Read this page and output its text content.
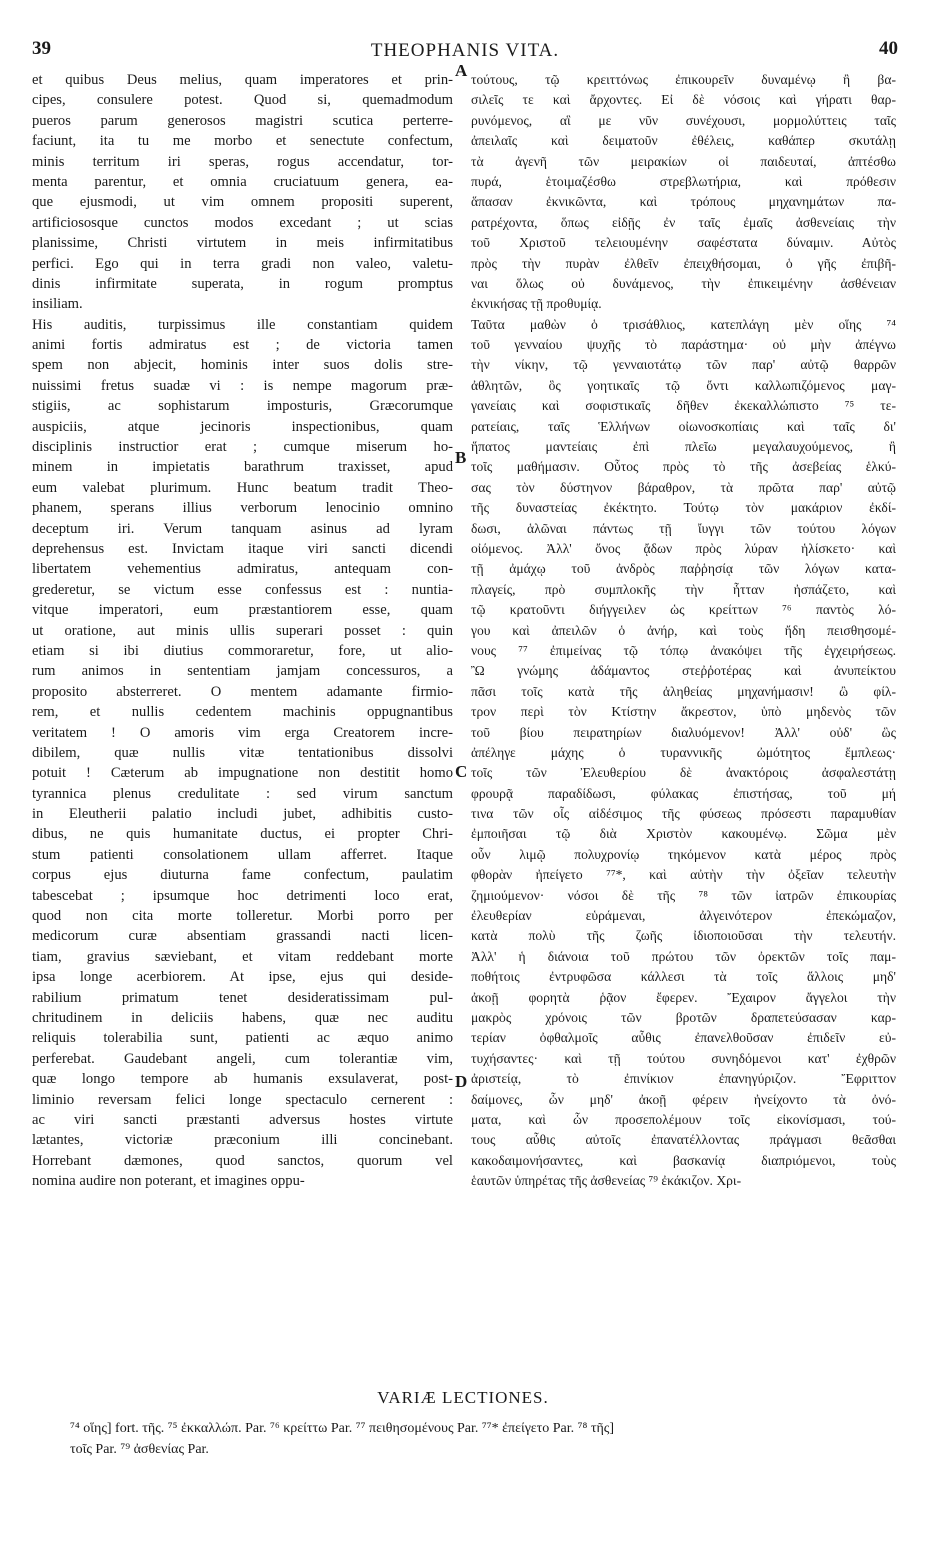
39	THEOPHANIS VITA.	40
et quibus Deus melius, quam imperatores et prin-
cipes, consulere potest. Quod si, quemadmodum
pueros parum generosos magistri scutica perterre-
faciunt, ita tu me morbo et senectute confectum,
minis territum iri speras, rogus accendatur, tor-
menta parentur, et omnia cruciatuum genera, ea-
que ejusmodi, ut vim omnem propositi superent,
artificiososque cunctos modos excedant ; ut scias
planissime, Christi virtutem in meis infirmitatibus
perfici. Ego qui in terra gradi non valeo, valetu-
dinis infirmitate superata, in rogum promptus
insiliam.
His auditis, turpissimus ille constantiam quidem
animi fortis admiratus est ; de victoria tamen
spem non abjecit, hominis inter suos dolis stre-
nuissimi fretus suadæ vi : is nempe magorum præ-
stigiis, ac sophistarum imposturis, Græcorumque
auspiciis, atque jecinoris inspectionibus, quam
disciplinis instructior erat ; cumque miserum ho-
minem in impietatis barathrum traxisset, apud
eum valebat plurimum. Hunc beatum tradit Theo-
phanem, sperans illius verborum lenocinio omnino
deceptum iri. Verum tanquam asinus ad lyram
deprehensus est. Invictam itaque viri sancti dicendi
libertatem vehementius admiratus, antequam con-
grederetur, se victum esse confessus est : nuntia-
vitque imperatori, eum præstantiorem esse, quam
ut oratione, aut minis ullis superari posset : quin
etiam si ibi diutius commoraretur, fore, ut alio-
rum animos in sententiam jamjam concessuros, a
proposito absterreret. O mentem adamante firmio-
rem, et nullis cedentem machinis oppugnantibus
veritatem ! O amoris vim erga Creatorem incre-
dibilem, quæ nullis vitæ tentationibus dissolvi
potuit ! Cæterum ab impugnatione non destitit homo
tyrannica plenus credulitate : sed virum sanctum
in Eleutherii palatio includi jubet, adhibitis custo-
dibus, ne quis humanitate ductus, ei propter Chri-
stum patienti consolationem ullam afferret. Itaque
corpus ejus diuturna fame confectum, paulatim
tabescebat ; ipsumque hoc detrimenti loco erat,
quod non cita morte tolleretur. Morbi porro per
medicorum curæ absentiam grassandi nacti licen-
tiam, gravius sæviebant, et vitam reddebant morte
ipsa longe acerbiorem. At ipse, ejus qui deside-
rabilium primatum tenet desideratissimam pul-
chritudinem in deliciis habens, quæ nec auditu
reliquis tolerabilia sunt, patienti ac æquo animo
perferebat. Gaudebant angeli, cum tolerantiæ vim,
quæ longo tempore ab humanis exsulaverat, post-
liminio reversam felici longe spectaculo cernerent :
ac viri sancti præstanti adversus hostes virtute
lætantes, victoriæ præconium illi concinebant.
Horrebant dæmones, quod sanctos, quorum vel
nomina audire non poterant, et imagines oppu-
τούτους, τῷ κρειττόνως ἐπικουρεῖν δυναμένῳ ἢ βα-
σιλεῖς τε καὶ ἄρχοντες. Εἰ δὲ νόσοις καὶ γήρατι θαρ-
ρυνόμενος, αἳ με νῦν συνέχουσι, μορμολύττεις ταῖς
ἀπειλαῖς καὶ δειματοῦν ἐθέλεις, καθάπερ σκυτάλῃ
τὰ ἀγενῆ τῶν μειρακίων οἱ παιδευταί, ἀπτέσθω
πυρά, ἑτοιμαζέσθω στρεβλωτήρια, καὶ πρόθεσιν
ἅπασαν ἐκνικῶντα, καὶ τρόπους μηχανημάτων πα-
ρατρέχοντα, ὅπως εἰδῇς ἐν ταῖς ἐμαῖς ἀσθενείαις τὴν
τοῦ Χριστοῦ τελειουμένην σαφέστατα δύναμιν. Αὐτὸς
πρὸς τὴν πυρὰν ἐλθεῖν ἐπειχθήσομαι, ὁ γῆς ἐπιβῆ-
ναι ὅλως οὐ δυνάμενος, τὴν ἐπικειμένην ἀσθένειαν
ἐκνικήσας τῇ προθυμίᾳ.
Ταῦτα μαθὼν ὁ τρισάθλιος, κατεπλάγη μὲν οἵης ⁷⁴
τοῦ γενναίου ψυχῆς τὸ παράστημα· οὐ μὴν ἀπέγνω
τὴν νίκην, τῷ γενναιοτάτῳ τῶν παρ' αὐτῷ θαρρῶν
ἀθλητῶν, ὃς γοητικαῖς τῷ ὄντι καλλωπιζόμενος μαγ-
γανείαις καὶ σοφιστικαῖς δῆθεν ἐκεκαλλώπιστο ⁷⁵ τε-
ρατείαις, ταῖς Ἑλλήνων οἰωνοσκοπίαις καὶ ταῖς δι'
ἥπατος μαντείαις ἐπὶ πλεῖω μεγαλαυχούμενος, ἢ
τοῖς μαθήμασιν. Οὗτος πρὸς τὸ τῆς ἀσεβείας ἑλκύ-
σας τὸν δύστηνον βάραθρον, τὰ πρῶτα παρ' αὐτῷ
τῆς δυναστείας ἐκέκτητο. Τούτῳ τὸν μακάριον ἐκδί-
δωσι, ἁλῶναι πάντως τῇ ἴυγγι τῶν τούτου λόγων
οἰόμενος. Ἀλλ' ὄνος ᾄδων πρὸς λύραν ἡλίσκετο· καὶ
τῇ ἀμάχῳ τοῦ ἀνδρὸς παῤῥησίᾳ τῶν λόγων κατα-
πλαγείς, πρὸ συμπλοκῆς τὴν ἧτταν ἠσπάζετο, καὶ
τῷ κρατοῦντι διήγγειλεν ὡς κρείττων ⁷⁶ παντὸς λό-
γου καὶ ἀπειλῶν ὁ ἀνήρ, καὶ τοὺς ἤδη πεισθησομέ-
νους ⁷⁷ ἐπιμείνας τῷ τόπῳ ἀνακόψει τῆς ἐγχειρήσεως.
Ὢ γνώμης ἀδάμαντος στεῤῥοτέρας καὶ ἀνυπείκτου
πᾶσι τοῖς κατὰ τῆς ἀληθείας μηχανήμασιν! ὢ φίλ-
τρον περὶ τὸν Κτίστην ἄκρεστον, ὑπὸ μηδενὸς τῶν
τοῦ βίου πειρατηρίων διαλυόμενον! Ἀλλ' οὐδ' ὣς
ἀπέληγε μάχης ὁ τυραννικῆς ὠμότητος ἔμπλεως·
τοῖς τῶν Ἐλευθερίου δὲ ἀνακτόροις ἀσφαλεστάτῃ
φρουρᾷ παραδίδωσι, φύλακας ἐπιστήσας, τοῦ μή
τινα τῶν οἷς αἰδέσιμος τῆς φύσεως πρόσεστι παραμυθίαν
ἐμποιῆσαι τῷ διὰ Χριστὸν κακουμένῳ. Σῶμα μὲν
οὖν λιμῷ πολυχρονίῳ τηκόμενον κατὰ μέρος πρὸς
φθορὰν ἠπείγετο ⁷⁷*, καὶ αὐτὴν τὴν ὀξεῖαν τελευτὴν
ζημιούμενον· νόσοι δὲ τῆς ⁷⁸ τῶν ἰατρῶν ἐπικουρίας
ἐλευθερίαν εὑράμεναι, ἀλγεινότερον ἐπεκώμαζον,
κατὰ πολὺ τῆς ζωῆς ἰδιοποιοῦσαι τὴν τελευτήν.
Ἀλλ' ἡ διάνοια τοῦ πρώτου τῶν ὀρεκτῶν τοῖς παμ-
ποθήτοις ἐντρυφῶσα κάλλεσι τὰ τοῖς ἄλλοις μηδ'
ἀκοῇ φορητὰ ῥᾷον ἔφερεν. Ἔχαιρον ἄγγελοι τὴν
μακρὸς χρόνοις τῶν βροτῶν δραπετεύσασαν καρ-
τερίαν ὀφθαλμοῖς αὖθις ἐπανελθοῦσαν ἐπιδεῖν εὐ-
τυχήσαντες· καὶ τῇ τούτου συνηδόμενοι κατ' ἐχθρῶν
ἀριστείᾳ, τὸ ἐπινίκιον ἐπανηγύριζον. Ἔφριττον
δαίμονες, ὧν μηδ' ἀκοῇ φέρειν ἠνείχοντο τὰ ὀνό-
ματα, καὶ ὧν προσεπολέμουν τοῖς εἰκονίσμασι, τού-
τους αὖθις αὐτοῖς ἐπανατέλλοντας πράγμασι θεᾶσθαι
κακοδαιμονήσαντες, καὶ βασκανίᾳ διαπριόμενοι, τοὺς
ἑαυτῶν ὑπηρέτας τῆς ἀσθενείας ⁷⁹ ἐκάκιζον. Χρι-
A
B
C
D
VARIÆ LECTIONES.
⁷⁴ οἵης] fort. τῆς. ⁷⁵ ἐκκαλλώπ. Par. ⁷⁶ κρείττω Par. ⁷⁷ πειθησομένους Par. ⁷⁷* ἐπείγετο Par. ⁷⁸ τῆς]
τοῖς Par. ⁷⁹ ἀσθενίας Par.
